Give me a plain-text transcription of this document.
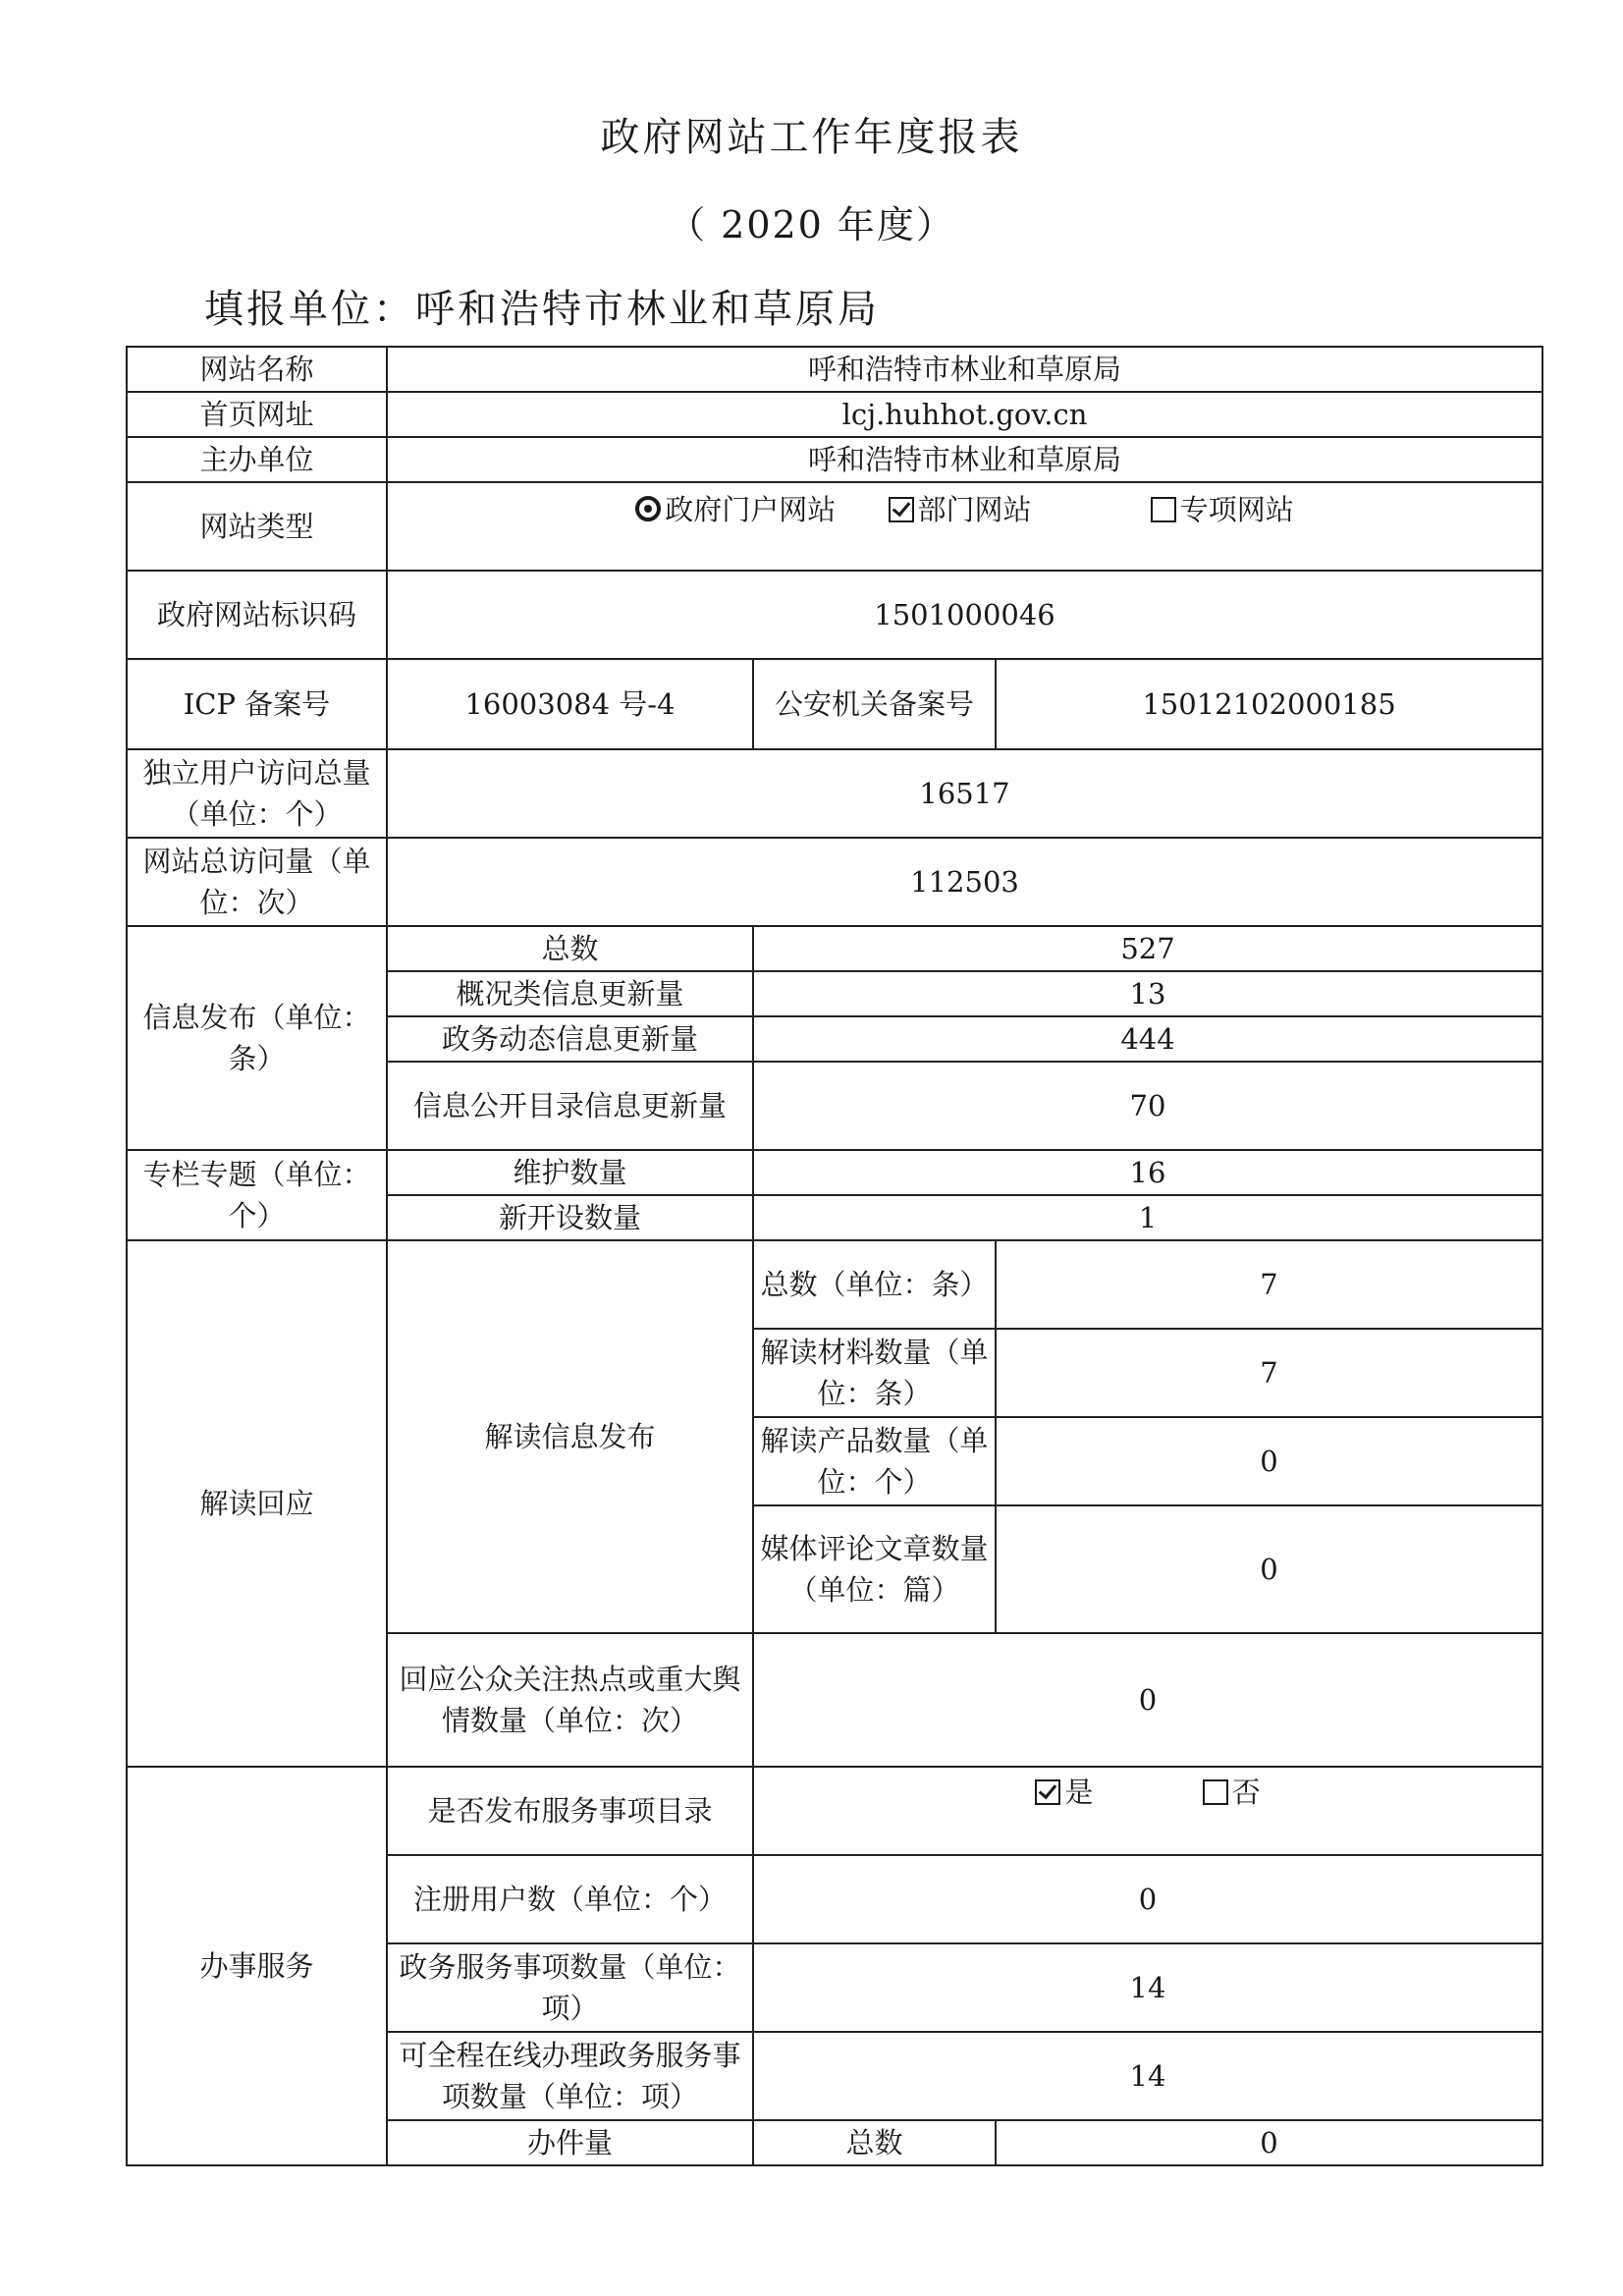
政府网站工作年度报表
（ 2020 年度）
填报单位：呼和浩特市林业和草原局
网站名称	呼和浩特市林业和草原局		
首页网址	lcj.huhhot.gov.cn		
主办单位	呼和浩特市林业和草原局		
网站类型	政府门户网站 部门网站 专项网站		
政府网站标识码	1501000046		
ICP 备案号	16003084 号-4	公安机关备案号	15012102000185
独立用户访问总量（单位：个）	16517		
网站总访问量（单位：次）	112503		
信息发布（单位：条）	总数	527	
	概况类信息更新量	13	
	政务动态信息更新量	444	
	信息公开目录信息更新量	70	
专栏专题（单位：个）	维护数量	16	
	新开设数量	1	
解读回应	解读信息发布	总数（单位：条）	7
		解读材料数量（单位：条）	7
		解读产品数量（单位：个）	0
		媒体评论文章数量（单位：篇）	0
	回应公众关注热点或重大舆情数量（单位：次）	0	
办事服务	是否发布服务事项目录	是 否	
	注册用户数（单位：个）	0	
	政务服务事项数量（单位：项）	14	
	可全程在线办理政务服务事项数量（单位：项）	14	
	办件量	总数	0
